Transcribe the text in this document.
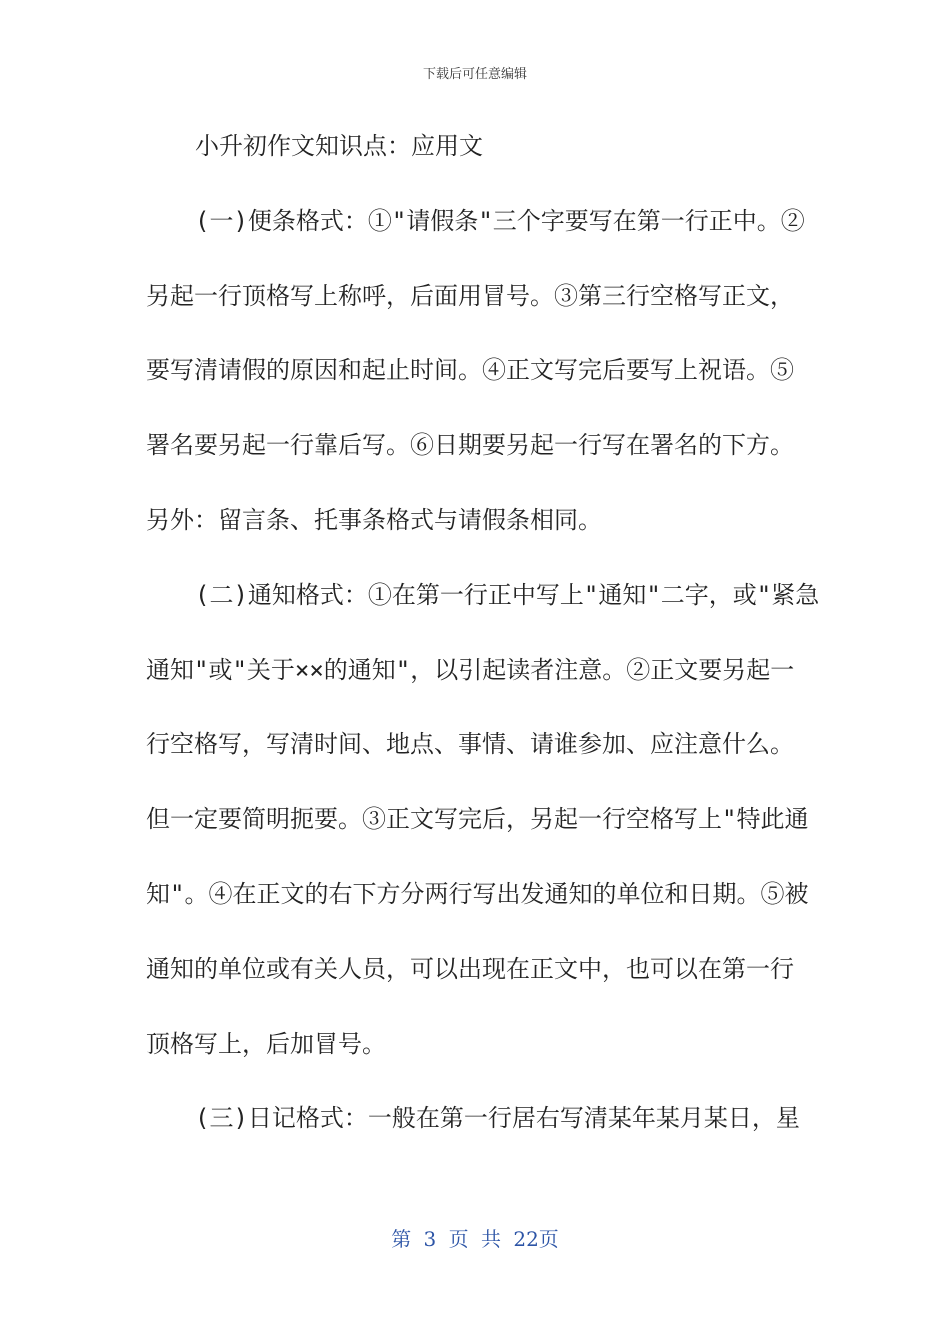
下载后可任意编辑
小升初作文知识点：应用文
(一)便条格式：①"请假条"三个字要写在第一行正中。②
另起一行顶格写上称呼，后面用冒号。③第三行空格写正文，
要写清请假的原因和起止时间。④正文写完后要写上祝语。⑤
署名要另起一行靠后写。⑥日期要另起一行写在署名的下方。
另外：留言条、托事条格式与请假条相同。
(二)通知格式：①在第一行正中写上"通知"二字，或"紧急
通知"或"关于××的通知"，以引起读者注意。②正文要另起一
行空格写，写清时间、地点、事情、请谁参加、应注意什么。
但一定要简明扼要。③正文写完后，另起一行空格写上"特此通
知"。④在正文的右下方分两行写出发通知的单位和日期。⑤被
通知的单位或有关人员，可以出现在正文中，也可以在第一行
顶格写上，后加冒号。
(三)日记格式：一般在第一行居右写清某年某月某日，星
第 3 页 共 22页
